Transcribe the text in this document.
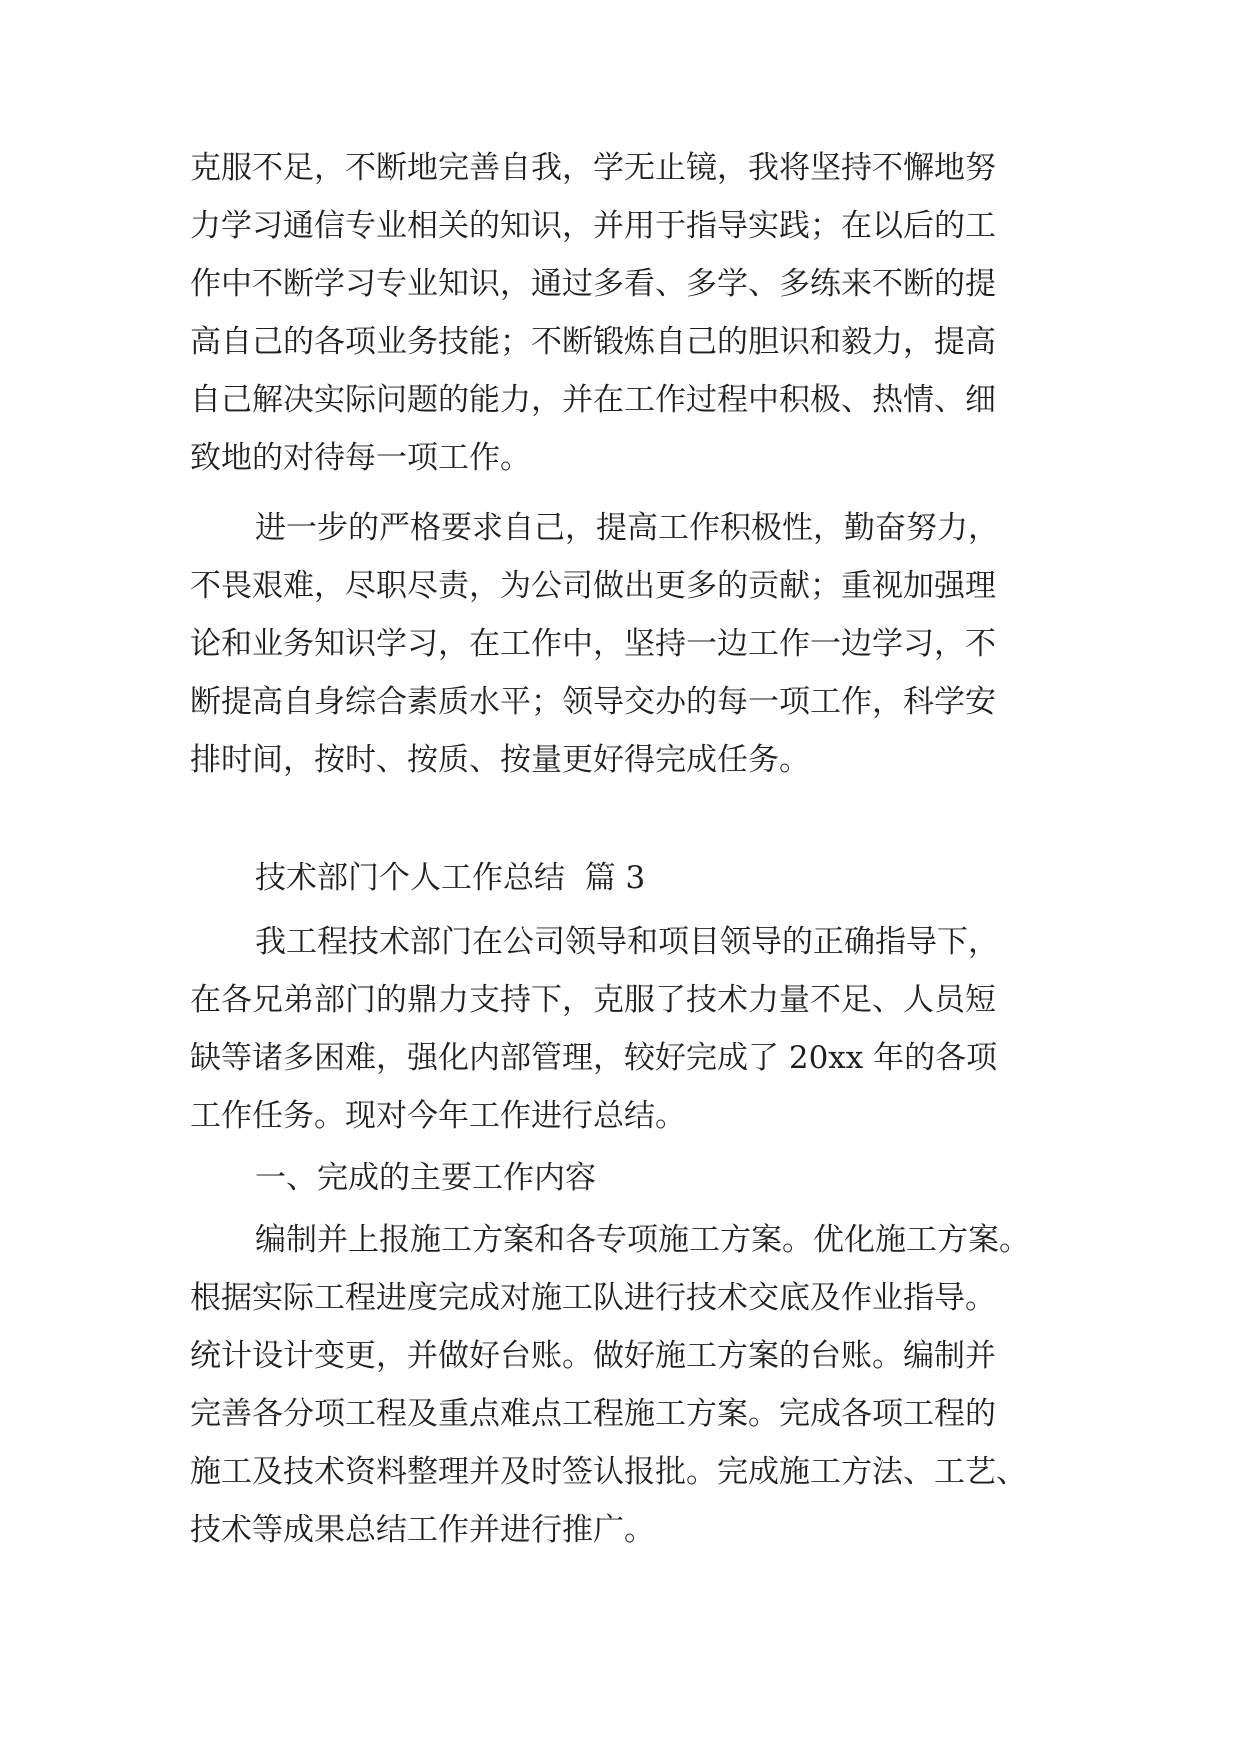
克服不足，不断地完善自我，学无止镜，我将坚持不懈地努
力学习通信专业相关的知识，并用于指导实践；在以后的工
作中不断学习专业知识，通过多看、多学、多练来不断的提
高自己的各项业务技能；不断锻炼自己的胆识和毅力，提高
自己解决实际问题的能力，并在工作过程中积极、热情、细
致地的对待每一项工作。
进一步的严格要求自己，提高工作积极性，勤奋努力，
不畏艰难，尽职尽责，为公司做出更多的贡献；重视加强理
论和业务知识学习，在工作中，坚持一边工作一边学习，不
断提高自身综合素质水平；领导交办的每一项工作，科学安
排时间，按时、按质、按量更好得完成任务。
技术部门个人工作总结  篇 3
我工程技术部门在公司领导和项目领导的正确指导下，
在各兄弟部门的鼎力支持下，克服了技术力量不足、人员短
缺等诸多困难，强化内部管理，较好完成了 20xx 年的各项
工作任务。现对今年工作进行总结。
一、完成的主要工作内容
编制并上报施工方案和各专项施工方案。优化施工方案。
根据实际工程进度完成对施工队进行技术交底及作业指导。
统计设计变更，并做好台账。做好施工方案的台账。编制并
完善各分项工程及重点难点工程施工方案。完成各项工程的
施工及技术资料整理并及时签认报批。完成施工方法、工艺、
技术等成果总结工作并进行推广。
